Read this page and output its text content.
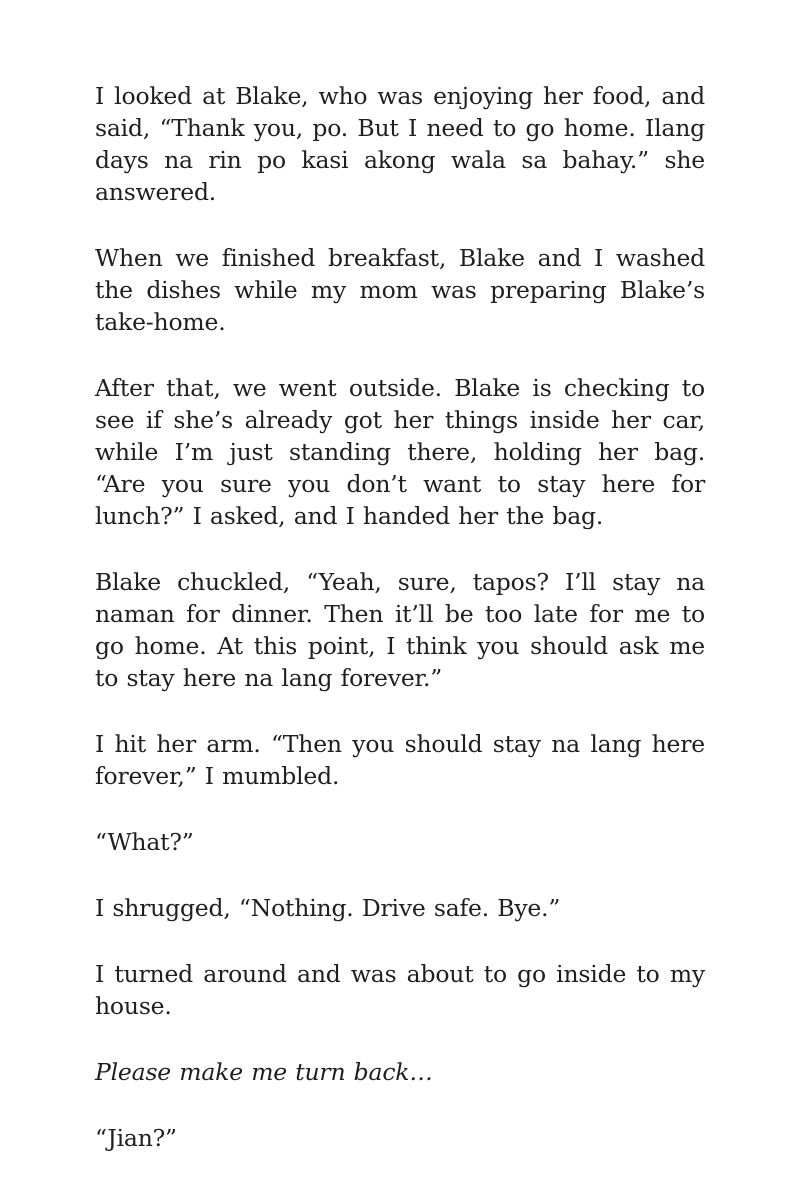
I looked at Blake, who was enjoying her food, and said, “Thank you, po. But I need to go home. Ilang days na rin po kasi akong wala sa bahay.” she answered.

When we finished breakfast, Blake and I washed the dishes while my mom was preparing Blake’s take-home.

After that, we went outside. Blake is checking to see if she’s already got her things inside her car, while I’m just standing there, holding her bag. “Are you sure you don’t want to stay here for lunch?” I asked, and I handed her the bag.

Blake chuckled, “Yeah, sure, tapos? I’ll stay na naman for dinner. Then it’ll be too late for me to go home. At this point, I think you should ask me to stay here na lang forever.”

I hit her arm. “Then you should stay na lang here forever,” I mumbled.

“What?”

I shrugged, “Nothing. Drive safe. Bye.”

I turned around and was about to go inside to my house.

Please make me turn back…

“Jian?”
